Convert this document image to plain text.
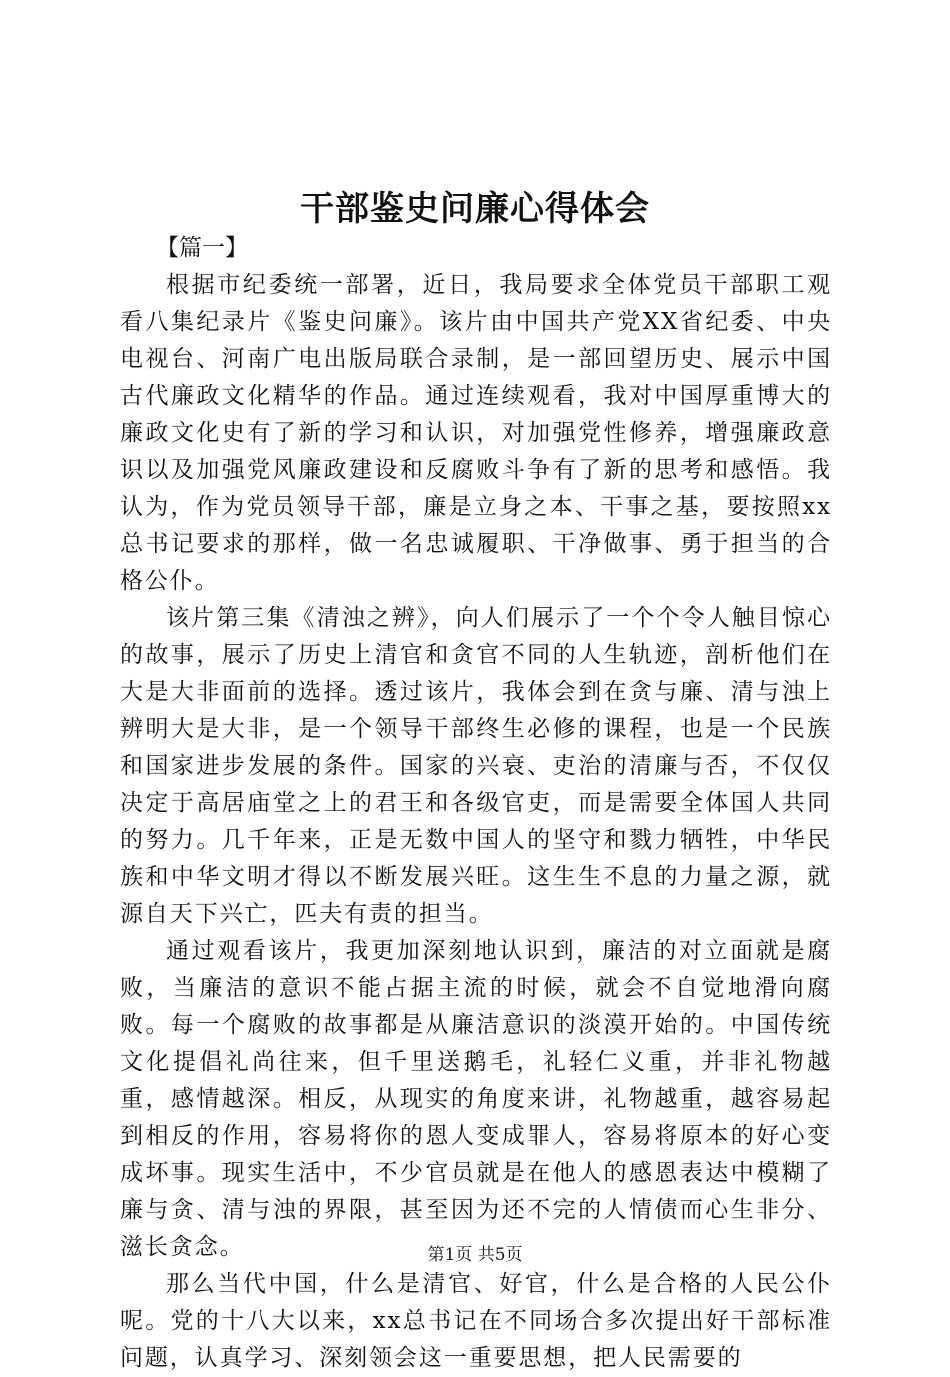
干部鉴史问廉心得体会
【篇一】

根据市纪委统一部署，近日，我局要求全体党员干部职工观看八集纪录片《鉴史问廉》。该片由中国共产党XX省纪委、中央电视台、河南广电出版局联合录制，是一部回望历史、展示中国古代廉政文化精华的作品。通过连续观看，我对中国厚重博大的廉政文化史有了新的学习和认识，对加强党性修养，增强廉政意识以及加强党风廉政建设和反腐败斗争有了新的思考和感悟。我认为，作为党员领导干部，廉是立身之本、干事之基，要按照xx总书记要求的那样，做一名忠诚履职、干净做事、勇于担当的合格公仆。

该片第三集《清浊之辨》，向人们展示了一个个令人触目惊心的故事，展示了历史上清官和贪官不同的人生轨迹，剖析他们在大是大非面前的选择。透过该片，我体会到在贪与廉、清与浊上辨明大是大非，是一个领导干部终生必修的课程，也是一个民族和国家进步发展的条件。国家的兴衰、吏治的清廉与否，不仅仅决定于高居庙堂之上的君王和各级官吏，而是需要全体国人共同的努力。几千年来，正是无数中国人的坚守和戮力牺牲，中华民族和中华文明才得以不断发展兴旺。这生生不息的力量之源，就源自天下兴亡，匹夫有责的担当。

通过观看该片，我更加深刻地认识到，廉洁的对立面就是腐败，当廉洁的意识不能占据主流的时候，就会不自觉地滑向腐败。每一个腐败的故事都是从廉洁意识的淡漠开始的。中国传统文化提倡礼尚往来，但千里送鹅毛，礼轻仁义重，并非礼物越重，感情越深。相反，从现实的角度来讲，礼物越重，越容易起到相反的作用，容易将你的恩人变成罪人，容易将原本的好心变成坏事。现实生活中，不少官员就是在他人的感恩表达中模糊了廉与贪、清与浊的界限，甚至因为还不完的人情债而心生非分、滋长贪念。

那么当代中国，什么是清官、好官，什么是合格的人民公仆呢。党的十八大以来，xx总书记在不同场合多次提出好干部标准问题，认真学习、深刻领会这一重要思想，把人民需要的

第1页 共5页
